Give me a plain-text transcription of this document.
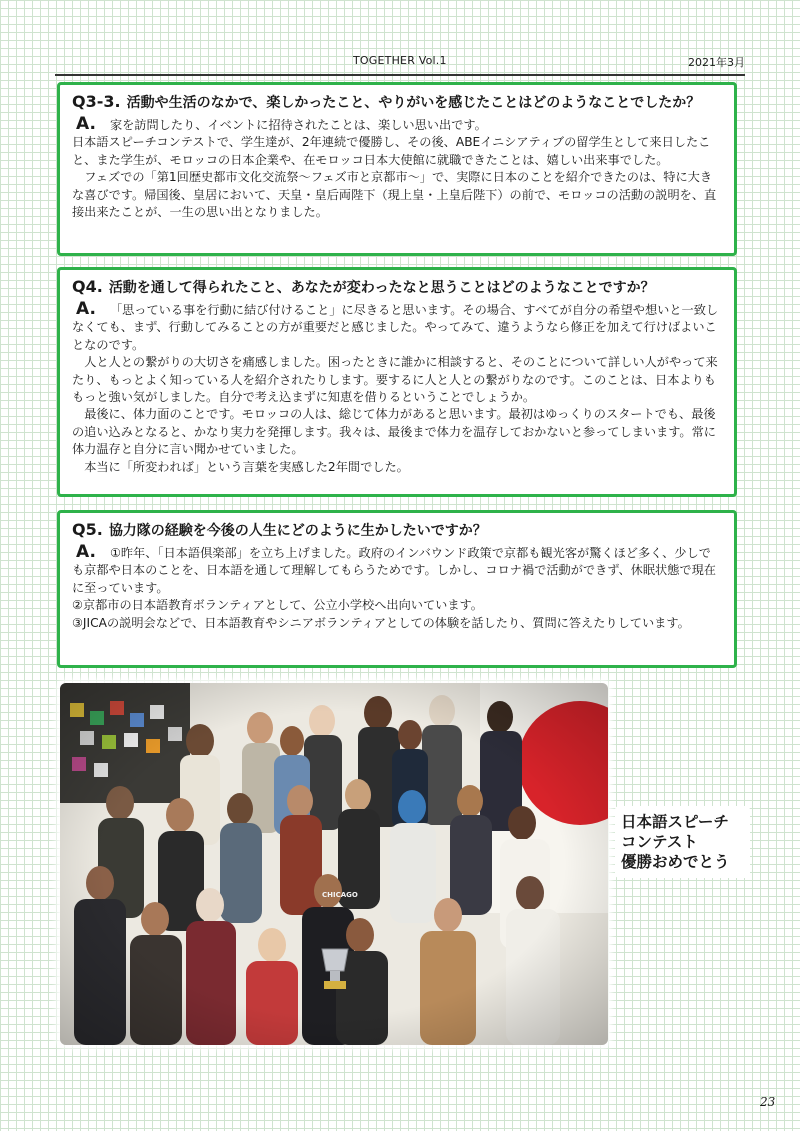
TOGETHER Vol.1	2021年3月
Q3-3. 活動や生活のなかで、楽しかったこと、やりがいを感じたことはどのようなことでしたか？

A. 家を訪問したり、イベントに招待されたことは、楽しい思い出です。

日本語スピーチコンテストで、学生達が、2年連続で優勝し、その後、ABEイニシアティブの留学生として来日したこと、また学生が、モロッコの日本企業や、在モロッコ日本大使館に就職できたことは、嬉しい出来事でした。

フェズでの「第1回歴史都市文化交流祭～フェズ市と京都市～」で、実際に日本のことを紹介できたのは、特に大きな喜びです。帰国後、皇居において、天皇・皇后両陛下（現上皇・上皇后陛下）の前で、モロッコの活動の説明を、直接出来たことが、一生の思い出となりました。

Q4. 活動を通して得られたこと、あなたが変わったなと思うことはどのようなことですか？

A. 「思っている事を行動に結び付けること」に尽きると思います。その場合、すべてが自分の希望や想いと一致しなくても、まず、行動してみることの方が重要だと感じました。やってみて、違うようなら修正を加えて行けばよいことなのです。

人と人との繋がりの大切さを痛感しました。困ったときに誰かに相談すると、そのことについて詳しい人がやって来たり、もっとよく知っている人を紹介されたりします。要するに人と人との繋がりなのです。このことは、日本よりももっと強い気がしました。自分で考え込まずに知恵を借りるということでしょうか。

最後に、体力面のことです。モロッコの人は、総じて体力があると思います。最初はゆっくりのスタートでも、最後の追い込みとなると、かなり実力を発揮します。我々は、最後まで体力を温存しておかないと参ってしまいます。常に体力温存と自分に言い聞かせていました。

本当に「所変われば」という言葉を実感した2年間でした。

Q5. 協力隊の経験を今後の人生にどのように生かしたいですか？

A. ①昨年、「日本語倶楽部」を立ち上げました。政府のインバウンド政策で京都も観光客が驚くほど多く、少しでも京都や日本のことを、日本語を通して理解してもらうためです。しかし、コロナ禍で活動ができず、休眠状態で現在に至っています。

②京都市の日本語教育ボランティアとして、公立小学校へ出向いています。

③JICAの説明会などで、日本語教育やシニアボランティアとしての体験を話したり、質問に答えたりしています。

日本語スピーチ
コンテスト
優勝おめでとう
23
